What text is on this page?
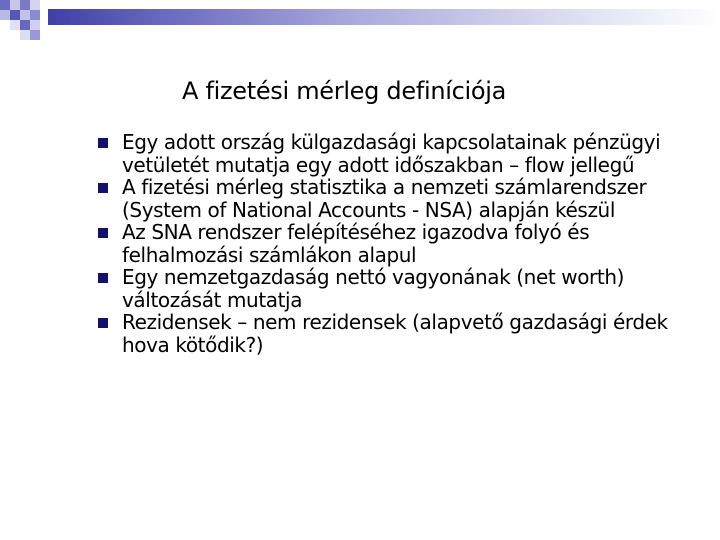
A fizetési mérleg definíciója
Egy adott ország külgazdasági kapcsolatainak pénzügyi vetületét mutatja egy adott időszakban – flow jellegű
A fizetési mérleg statisztika a nemzeti számlarendszer (System of National Accounts - NSA) alapján készül
Az SNA rendszer felépítéséhez igazodva folyó és felhalmozási számlákon alapul
Egy nemzetgazdaság nettó vagyonának (net worth) változását mutatja
Rezidensek – nem rezidensek (alapvető gazdasági érdek hova kötődik?)
